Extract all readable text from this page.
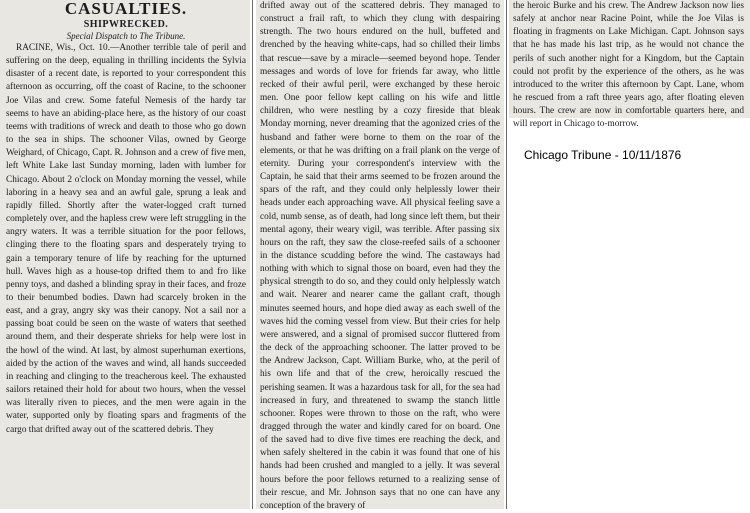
CASUALTIES.
SHIPWRECKED.
Special Dispatch to The Tribune.

RACINE, Wis., Oct. 10.—Another terrible tale of peril and suffering on the deep, equaling in thrilling incidents the Sylvia disaster of a recent date, is reported to your correspondent this afternoon as occurring, off the coast of Racine, to the schooner Joe Vilas and crew. Some fateful Nemesis of the hardy tar seems to have an abiding-place here, as the history of our coast teems with traditions of wreck and death to those who go down to the sea in ships. The schooner Vilas, owned by George Weighard, of Chicago, Capt. R. Johnson and a crew of five men, left White Lake last Sunday morning, laden with lumber for Chicago. About 2 o'clock on Monday morning the vessel, while laboring in a heavy sea and an awful gale, sprung a leak and rapidly filled. Shortly after the water-logged craft turned completely over, and the hapless crew were left struggling in the angry waters. It was a terrible situation for the poor fellows, clinging there to the floating spars and desperately trying to gain a temporary tenure of life by reaching for the upturned hull. Waves high as a house-top drifted them to and fro like penny toys, and dashed a blinding spray in their faces, and froze to their benumbed bodies. Dawn had scarcely broken in the east, and a gray, angry sky was their canopy. Not a sail nor a passing boat could be seen on the waste of waters that seethed around them, and their desperate shrieks for help were lost in the howl of the wind. At last, by almost superhuman exertions, aided by the action of the waves and wind, all hands succeeded in reaching and clinging to the treacherous keel. The exhausted sailors retained their hold for about two hours, when the vessel was literally riven to pieces, and the men were again in the water, supported only by floating spars and fragments of the cargo that drifted away out of the scattered debris. They

drifted away out of the scattered debris. They managed to construct a frail raft, to which they clung with despairing strength. The two hours endured on the hull, buffeted and drenched by the heaving white-caps, had so chilled their limbs that rescue—save by a miracle—seemed beyond hope. Tender messages and words of love for friends far away, who little recked of their awful peril, were exchanged by these heroic men. One poor fellow kept calling on his wife and little children, who were nestling by a cozy fireside that bleak Monday morning, never dreaming that the agonized cries of the husband and father were borne to them on the roar of the elements, or that he was drifting on a frail plank on the verge of eternity. During your correspondent's interview with the Captain, he said that their arms seemed to be frozen around the spars of the raft, and they could only helplessly lower their heads under each approaching wave. All physical feeling save a cold, numb sense, as of death, had long since left them, but their mental agony, their weary vigil, was terrible. After passing six hours on the raft, they saw the close-reefed sails of a schooner in the distance scudding before the wind. The castaways had nothing with which to signal those on board, even had they the physical strength to do so, and they could only helplessly watch and wait. Nearer and nearer came the gallant craft, though minutes seemed hours, and hope died away as each swell of the waves hid the coming vessel from view. But their cries for help were answered, and a signal of promised succor fluttered from the deck of the approaching schooner. The latter proved to be the Andrew Jackson, Capt. William Burke, who, at the peril of his own life and that of the crew, heroically rescued the perishing seamen. It was a hazardous task for all, for the sea had increased in fury, and threatened to swamp the stanch little schooner. Ropes were thrown to those on the raft, who were dragged through the water and kindly cared for on board. One of the saved had to dive five times ere reaching the deck, and when safely sheltered in the cabin it was found that one of his hands had been crushed and mangled to a jelly. It was several hours before the poor fellows returned to a realizing sense of their rescue, and Mr. Johnson says that no one can have any conception of the bravery of

the heroic Burke and his crew. The Andrew Jackson now lies safely at anchor near Racine Point, while the Joe Vilas is floating in fragments on Lake Michigan. Capt. Johnson says that he has made his last trip, as he would not chance the perils of such another night for a Kingdom, but the Captain could not profit by the experience of the others, as he was introduced to the writer this afternoon by Capt. Lane, whom he rescued from a raft three years ago, after floating eleven hours. The crew are now in comfortable quarters here, and will report in Chicago to-morrow.

Chicago Tribune - 10/11/1876
